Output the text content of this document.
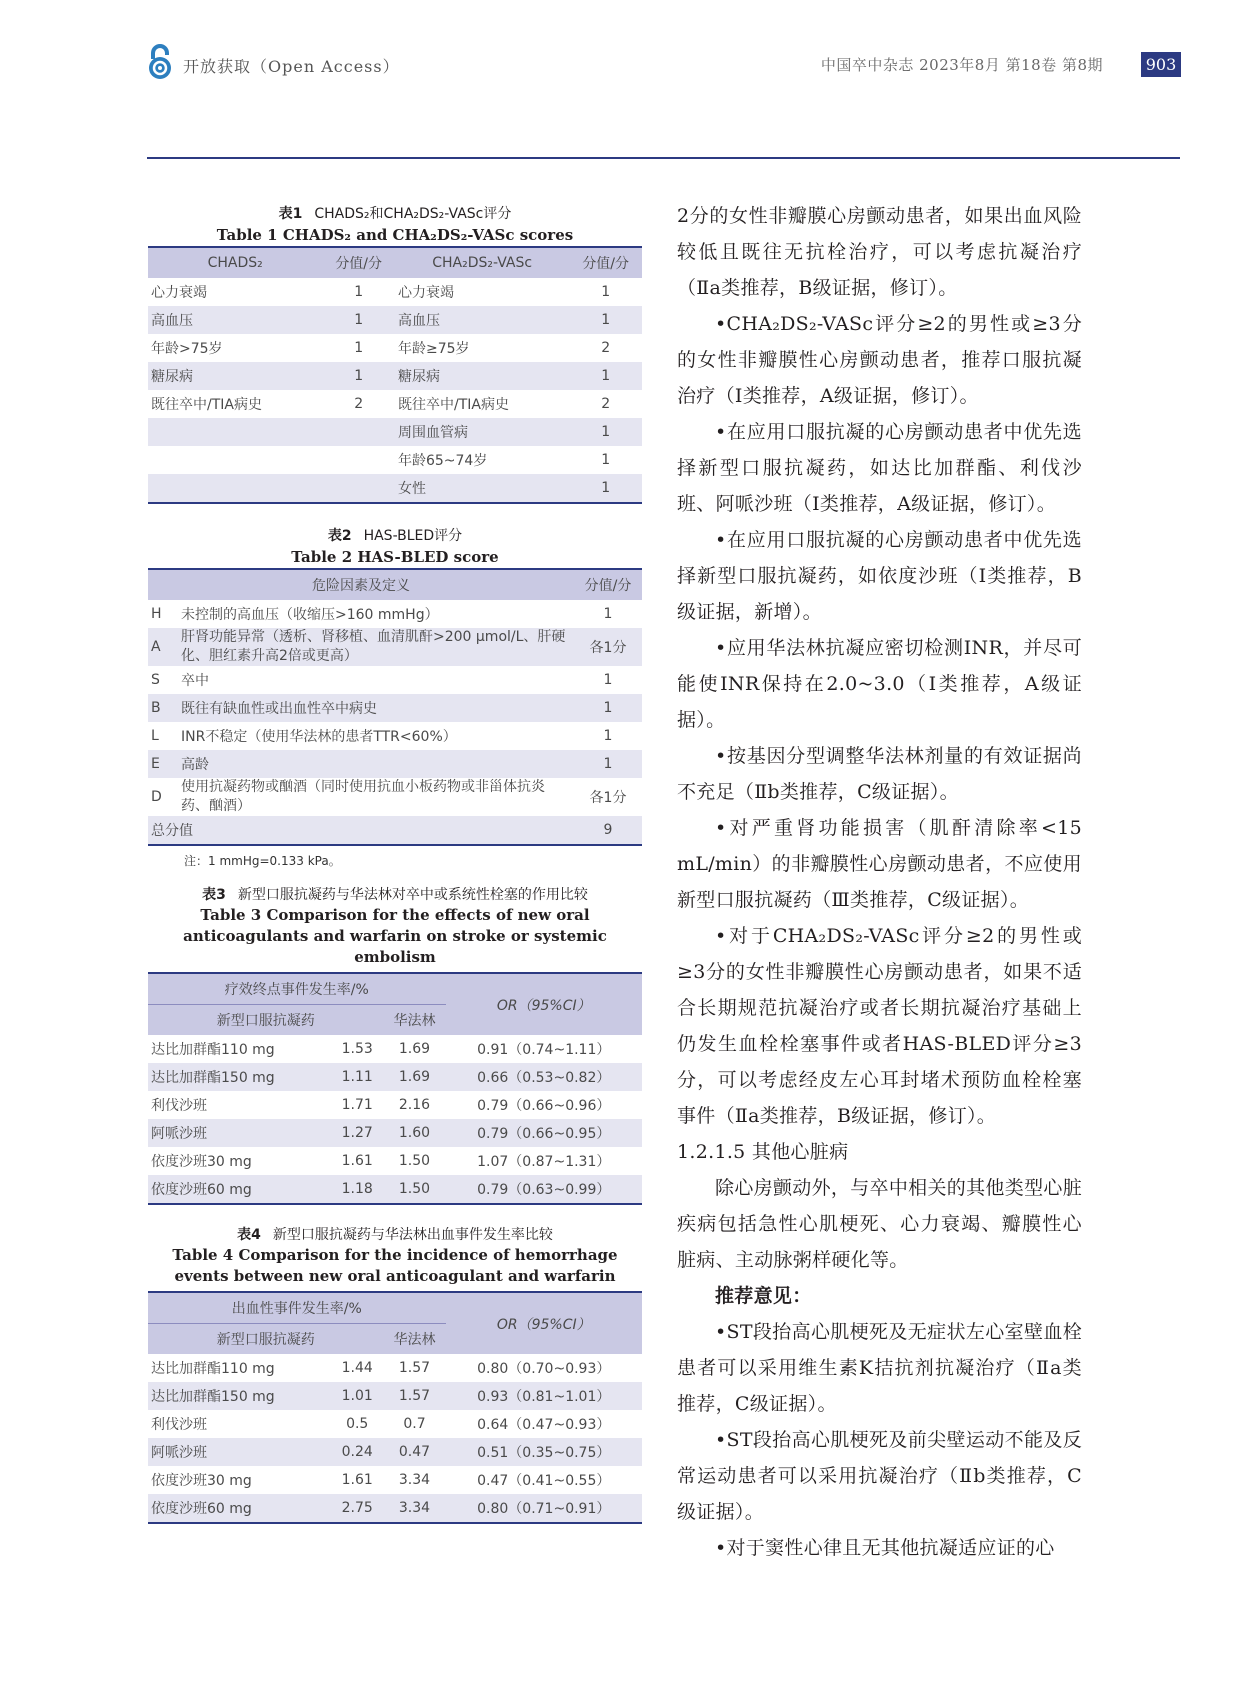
开放获取（Open Access）	中国卒中杂志 2023年8月 第18卷 第8期	903
表1 CHADS₂和CHA₂DS₂-VASc评分
Table 1 CHADS₂ and CHA₂DS₂-VASc scores
CHADS₂	分值/分	CHA₂DS₂-VASc	分值/分
心力衰竭	1	心力衰竭	1
高血压	1	高血压	1
年龄>75岁	1	年龄≥75岁	2
糖尿病	1	糖尿病	1
既往卒中/TIA病史	2	既往卒中/TIA病史	2
		周围血管病	1
		年龄65~74岁	1
		女性	1
表2 HAS-BLED评分
Table 2 HAS-BLED score
危险因素及定义		分值/分
H	未控制的高血压（收缩压>160 mmHg）	1
A	肝肾功能异常（透析、肾移植、血清肌酐>200 μmol/L、肝硬化、胆红素升高2倍或更高）	各1分
S	卒中	1
B	既往有缺血性或出血性卒中病史	1
L	INR不稳定（使用华法林的患者TTR<60%）	1
E	高龄	1
D	使用抗凝药物或酗酒（同时使用抗血小板药物或非甾体抗炎药、酗酒）	各1分
总分值		9
注：1 mmHg=0.133 kPa。
表3 新型口服抗凝药与华法林对卒中或系统性栓塞的作用比较
Table 3 Comparison for the effects of new oral anticoagulants and warfarin on stroke or systemic embolism
疗效终点事件发生率/%			OR（95%CI）
新型口服抗凝药		华法林	
达比加群酯110 mg	1.53	1.69	0.91（0.74~1.11）
达比加群酯150 mg	1.11	1.69	0.66（0.53~0.82）
利伐沙班	1.71	2.16	0.79（0.66~0.96）
阿哌沙班	1.27	1.60	0.79（0.66~0.95）
依度沙班30 mg	1.61	1.50	1.07（0.87~1.31）
依度沙班60 mg	1.18	1.50	0.79（0.63~0.99）
表4 新型口服抗凝药与华法林出血事件发生率比较
Table 4 Comparison for the incidence of hemorrhage events between new oral anticoagulant and warfarin
出血性事件发生率/%			OR（95%CI）
新型口服抗凝药		华法林	
达比加群酯110 mg	1.44	1.57	0.80（0.70~0.93）
达比加群酯150 mg	1.01	1.57	0.93（0.81~1.01）
利伐沙班	0.5	0.7	0.64（0.47~0.93）
阿哌沙班	0.24	0.47	0.51（0.35~0.75）
依度沙班30 mg	1.61	3.34	0.47（0.41~0.55）
依度沙班60 mg	2.75	3.34	0.80（0.71~0.91）

2分的女性非瓣膜心房颤动患者，如果出血风险较低且既往无抗栓治疗，可以考虑抗凝治疗（Ⅱa类推荐，B级证据，修订）。

•CHA₂DS₂-VASc评分≥2的男性或≥3分的女性非瓣膜性心房颤动患者，推荐口服抗凝治疗（Ⅰ类推荐，A级证据，修订）。

•在应用口服抗凝的心房颤动患者中优先选择新型口服抗凝药，如达比加群酯、利伐沙班、阿哌沙班（Ⅰ类推荐，A级证据，修订）。

•在应用口服抗凝的心房颤动患者中优先选择新型口服抗凝药，如依度沙班（Ⅰ类推荐，B级证据，新增）。

•应用华法林抗凝应密切检测INR，并尽可能使INR保持在2.0~3.0（Ⅰ类推荐，A级证据）。

•按基因分型调整华法林剂量的有效证据尚不充足（Ⅱb类推荐，C级证据）。

•对严重肾功能损害（肌酐清除率<15 mL/min）的非瓣膜性心房颤动患者，不应使用新型口服抗凝药（Ⅲ类推荐，C级证据）。

•对于CHA₂DS₂-VASc评分≥2的男性或≥3分的女性非瓣膜性心房颤动患者，如果不适合长期规范抗凝治疗或者长期抗凝治疗基础上仍发生血栓栓塞事件或者HAS-BLED评分≥3分，可以考虑经皮左心耳封堵术预防血栓栓塞事件（Ⅱa类推荐，B级证据，修订）。

1.2.1.5 其他心脏病

除心房颤动外，与卒中相关的其他类型心脏疾病包括急性心肌梗死、心力衰竭、瓣膜性心脏病、主动脉粥样硬化等。

推荐意见：

•ST段抬高心肌梗死及无症状左心室壁血栓患者可以采用维生素K拮抗剂抗凝治疗（Ⅱa类推荐，C级证据）。

•ST段抬高心肌梗死及前尖壁运动不能及反常运动患者可以采用抗凝治疗（Ⅱb类推荐，C级证据）。

•对于窦性心律且无其他抗凝适应证的心
